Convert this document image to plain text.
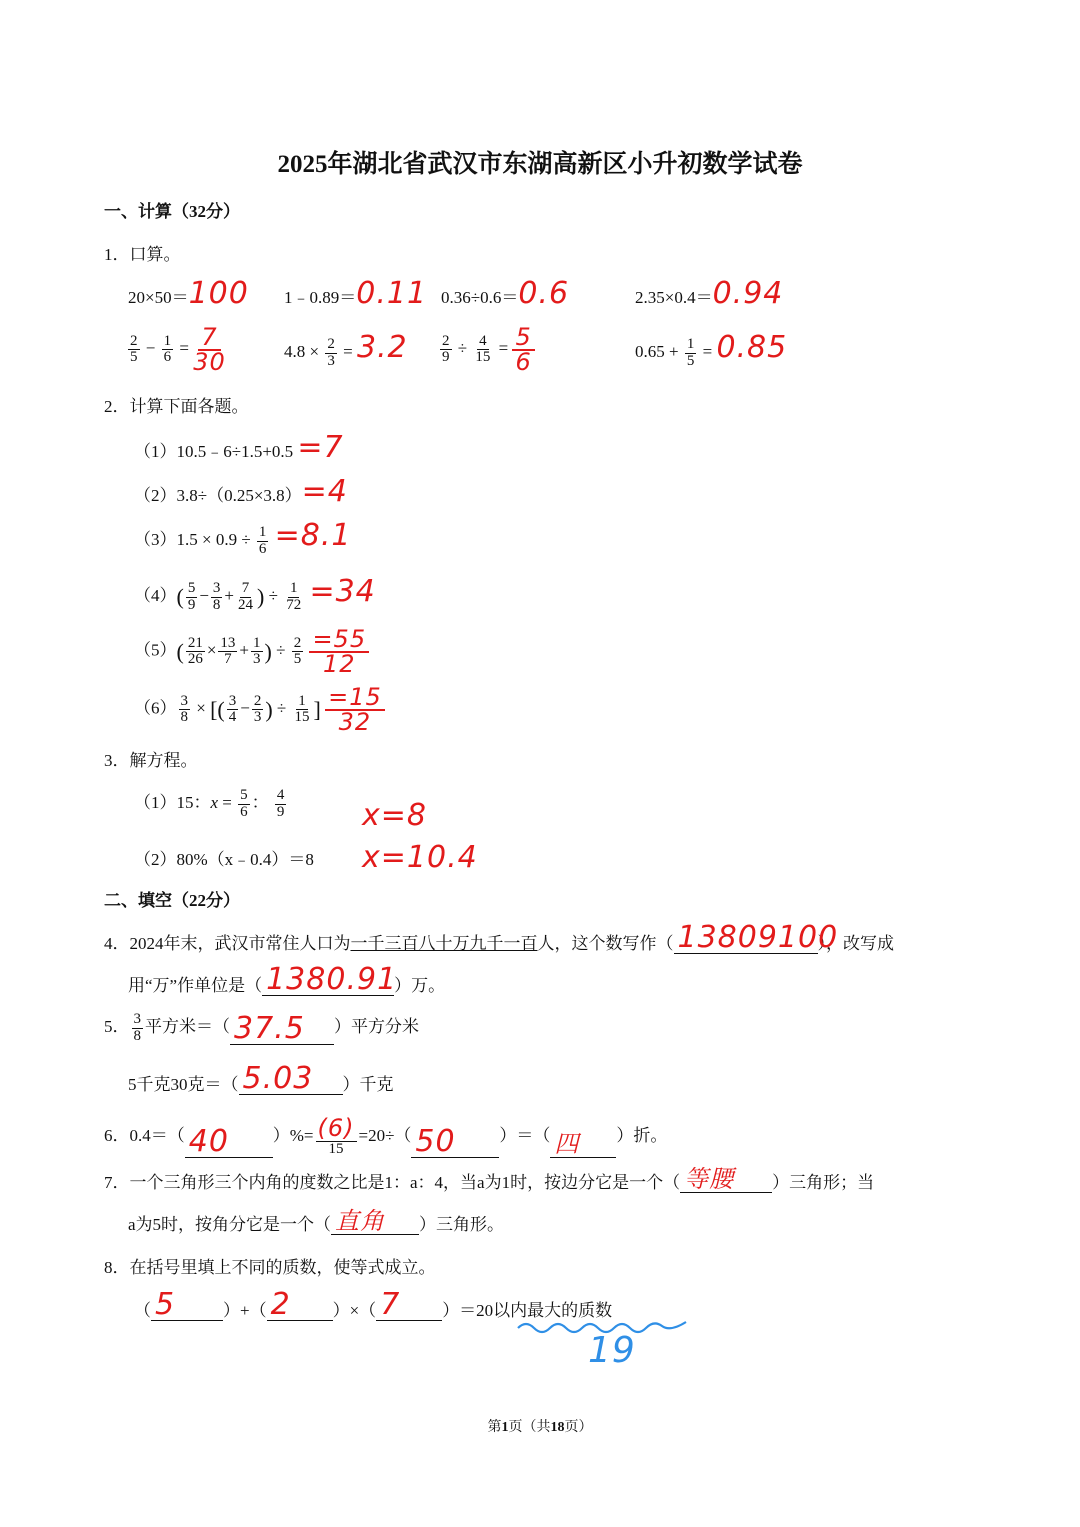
2025年湖北省武汉市东湖高新区小升初数学试卷
一、计算（32分）
1．口算。
20×50＝100 1﹣0.89＝0.11 0.36÷0.6＝0.6	2.35×0.4＝0.94
$\frac{2}{5} - \frac{1}{6} = \frac{7}{30}$	$4.8 \times \frac{2}{3} = 3.2 \frac{2}{9} \div \frac{4}{15} = \frac{5}{6}$	$0.65 + \frac{1}{5} = 0.85$
2．计算下面各题。
（1）10.5﹣6÷1.5+0.5 =7
（2）3.8÷（0.25×3.8）=4
$(3)1.5 \times 0.9 \div \frac{1}{6} =8.1$
$(4)( \frac{5}{9} - \frac{3}{8} + \frac{7}{24}$ ) ÷ $\frac{1}{72} =34$
$(5)( \frac{21}{26} \times \frac{13}{7} + \frac{1}{3}$ ) ÷ $\frac{2}{5}$
$\frac{=55}{12}$
$(6) \frac{3}{8}$ × [( $\frac{3}{4} - \frac{2}{3}$ ) ÷ $\frac{1}{15}$ ] $\frac{=15}{32}$
3．解方程。
（1）15：$x = \frac{5}{6}$ ： $\frac{4}{9}$	x=8
（2）80%（x﹣0.4）＝8 x=10.4
二、填空（22分）
4．2024年末，武汉市常住人口为一千三百八十万九千一百人，这个数写作（ 13809100
），改写成
用“万”作单位是（ 1380.91
）万。
5． $\frac{3}{8}$ 平方米＝（ 37.5 ）平方分米
5千克30克＝（ 5.03 ）千克
6．0.4＝（ 40	）%= $\frac{(6)}{15} =20\div$（ 50	）＝（ 四 ）折。
7．一个三角形三个内角的度数之比是1：a：4，当a为1时，按边分它是一个（ 等腰 ）三角形；当
a为5时，按角分它是一个（ 直角 ）三角形。
8．在括号里填上不同的质数，使等式成立。
（ 5	）+（ 2 ）×（ 7 ）＝20以内最大的质数
19
第1页（共18页）
